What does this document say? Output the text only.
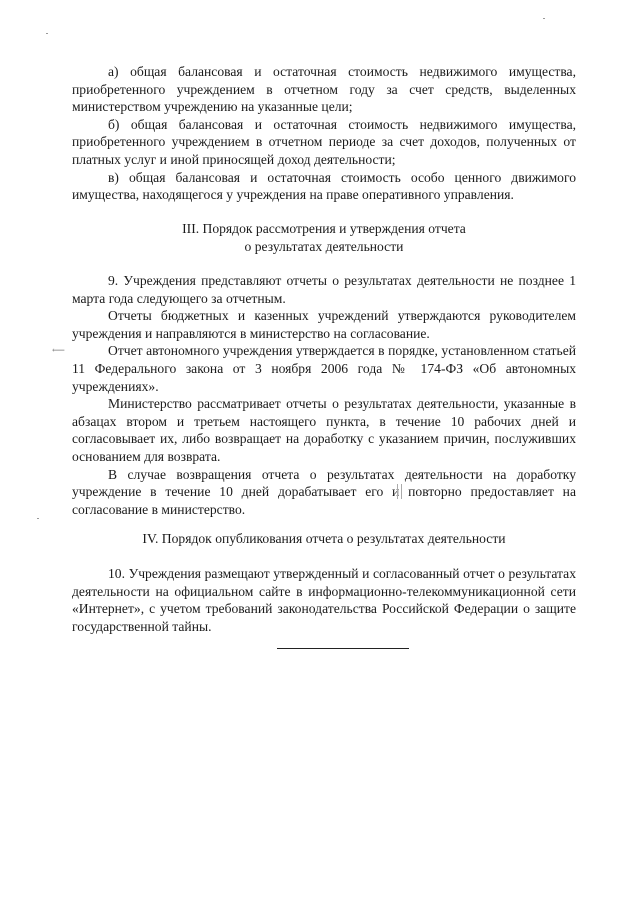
а) общая балансовая и остаточная стоимость недвижимого имущества, приобретенного учреждением в отчетном году за счет средств, выделенных министерством учреждению на указанные цели;

б) общая балансовая и остаточная стоимость недвижимого имущества, приобретенного учреждением в отчетном периоде за счет доходов, полученных от платных услуг и иной приносящей доход деятельности;

в) общая балансовая и остаточная стоимость особо ценного движимого имущества, находящегося у учреждения на праве оперативного управления.

III. Порядок рассмотрения и утверждения отчета

о результатах деятельности

9. Учреждения представляют отчеты о результатах деятельности не позднее 1 марта года следующего за отчетным.

Отчеты бюджетных и казенных учреждений утверждаются руководителем учреждения и направляются в министерство на согласование.

Отчет автономного учреждения утверждается в порядке, установленном статьей 11 Федерального закона от 3 ноября 2006 года № 174-ФЗ «Об автономных учреждениях».

Министерство рассматривает отчеты о результатах деятельности, указанные в абзацах втором и третьем настоящего пункта, в течение 10 рабочих дней и согласовывает их, либо возвращает на доработку с указанием причин, послуживших основанием для возврата.

В случае возвращения отчета о результатах деятельности на доработку учреждение в течение 10 дней дорабатывает его и повторно предоставляет на согласование в министерство.

⟵

IV. Порядок опубликования отчета о результатах деятельности

10. Учреждения размещают утвержденный и согласованный отчет о результатах деятельности на официальном сайте в информационно-телекоммуникационной сети «Интернет», с учетом требований законодательства Российской Федерации о защите государственной тайны.
